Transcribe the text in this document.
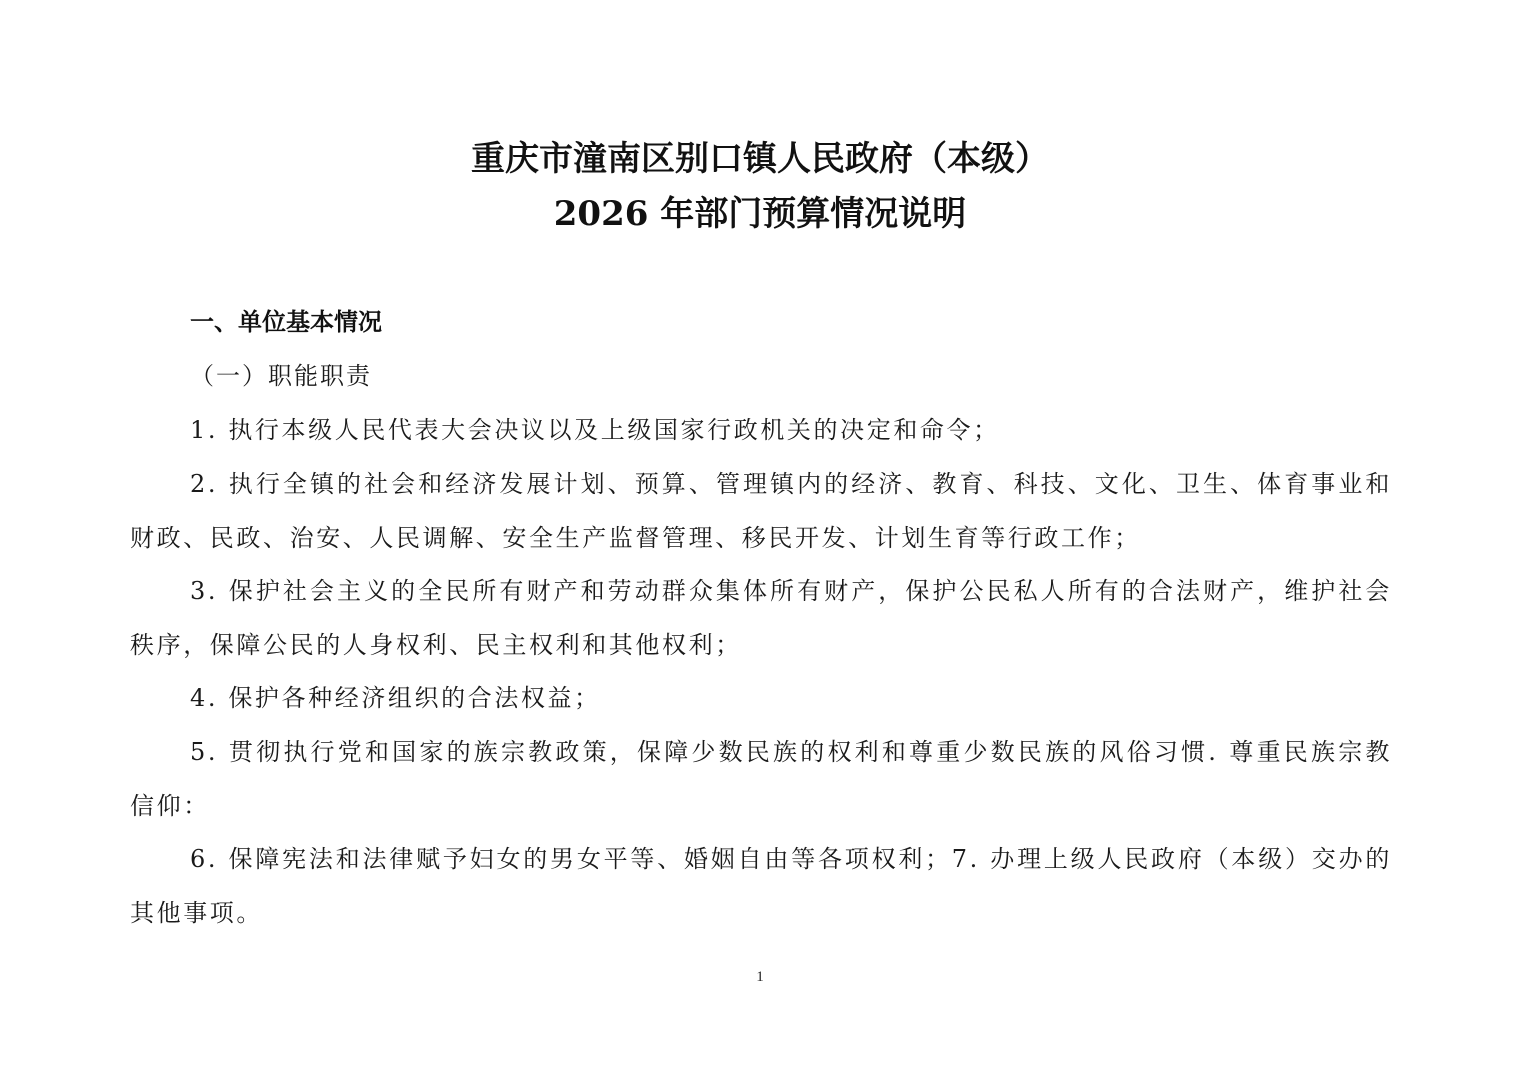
重庆市潼南区别口镇人民政府（本级）
2026 年部门预算情况说明
一、单位基本情况
（一）职能职责

1. 执行本级人民代表大会决议以及上级国家行政机关的决定和命令；

2. 执行全镇的社会和经济发展计划、预算、管理镇内的经济、教育、科技、文化、卫生、体育事业和财政、民政、治安、人民调解、安全生产监督管理、移民开发、计划生育等行政工作；

3. 保护社会主义的全民所有财产和劳动群众集体所有财产，保护公民私人所有的合法财产，维护社会秩序，保障公民的人身权利、民主权利和其他权利；

4. 保护各种经济组织的合法权益；

5. 贯彻执行党和国家的族宗教政策，保障少数民族的权利和尊重少数民族的风俗习惯. 尊重民族宗教信仰：

6. 保障宪法和法律赋予妇女的男女平等、婚姻自由等各项权利；7. 办理上级人民政府（本级）交办的其他事项。

1
